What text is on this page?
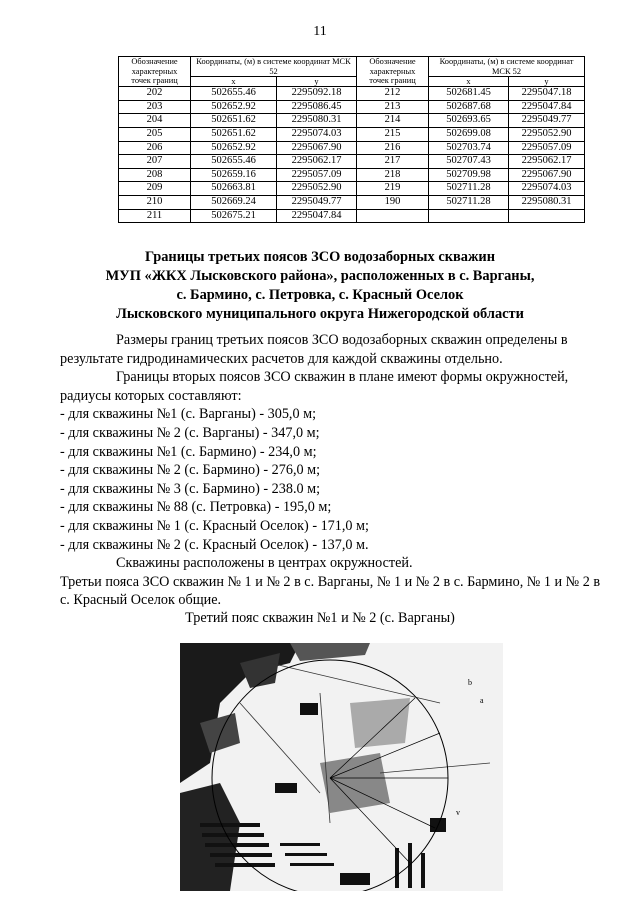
11
Обозначение характерных точек границ	Координаты, (м) в системе координат МСК 52		Обозначение характерных точек границ	Координаты, (м) в системе координат МСК 52	
	x	y		x	y
202	502655.46	2295092.18	212	502681.45	2295047.18
203	502652.92	2295086.45	213	502687.68	2295047.84
204	502651.62	2295080.31	214	502693.65	2295049.77
205	502651.62	2295074.03	215	502699.08	2295052.90
206	502652.92	2295067.90	216	502703.74	2295057.09
207	502655.46	2295062.17	217	502707.43	2295062.17
208	502659.16	2295057.09	218	502709.98	2295067.90
209	502663.81	2295052.90	219	502711.28	2295074.03
210	502669.24	2295049.77	190	502711.28	2295080.31
211	502675.21	2295047.84			
Границы третьих поясов ЗСО водозаборных скважин
МУП «ЖКХ Лысковского района», расположенных в с. Варганы,
с. Бармино, с. Петровка, с. Красный Оселок
Лысковского муниципального округа Нижегородской области

Размеры границ третьих поясов ЗСО водозаборных скважин определены в результате гидродинамических расчетов для каждой скважины отдельно.

Границы вторых поясов ЗСО скважин в плане имеют формы окружностей, радиусы которых составляют:

- для скважины №1 (с. Варганы) - 305,0 м;

- для скважины № 2 (с. Варганы) - 347,0 м;

- для скважины №1 (с. Бармино) - 234,0 м;

- для скважины № 2 (с. Бармино) - 276,0 м;

- для скважины № 3 (с. Бармино) - 238.0 м;

- для скважины № 88 (с. Петровка) - 195,0 м;

- для скважины № 1 (с. Красный Оселок) - 171,0 м;

- для скважины № 2 (с. Красный Оселок) - 137,0 м.

Скважины расположены в центрах окружностей.

Третьи пояса ЗСО скважин № 1 и № 2 в с. Варганы, № 1 и № 2 в с. Бармино, № 1 и № 2 в с. Красный Оселок общие.

Третий пояс скважин №1 и № 2 (с. Варганы)
b
v
a
